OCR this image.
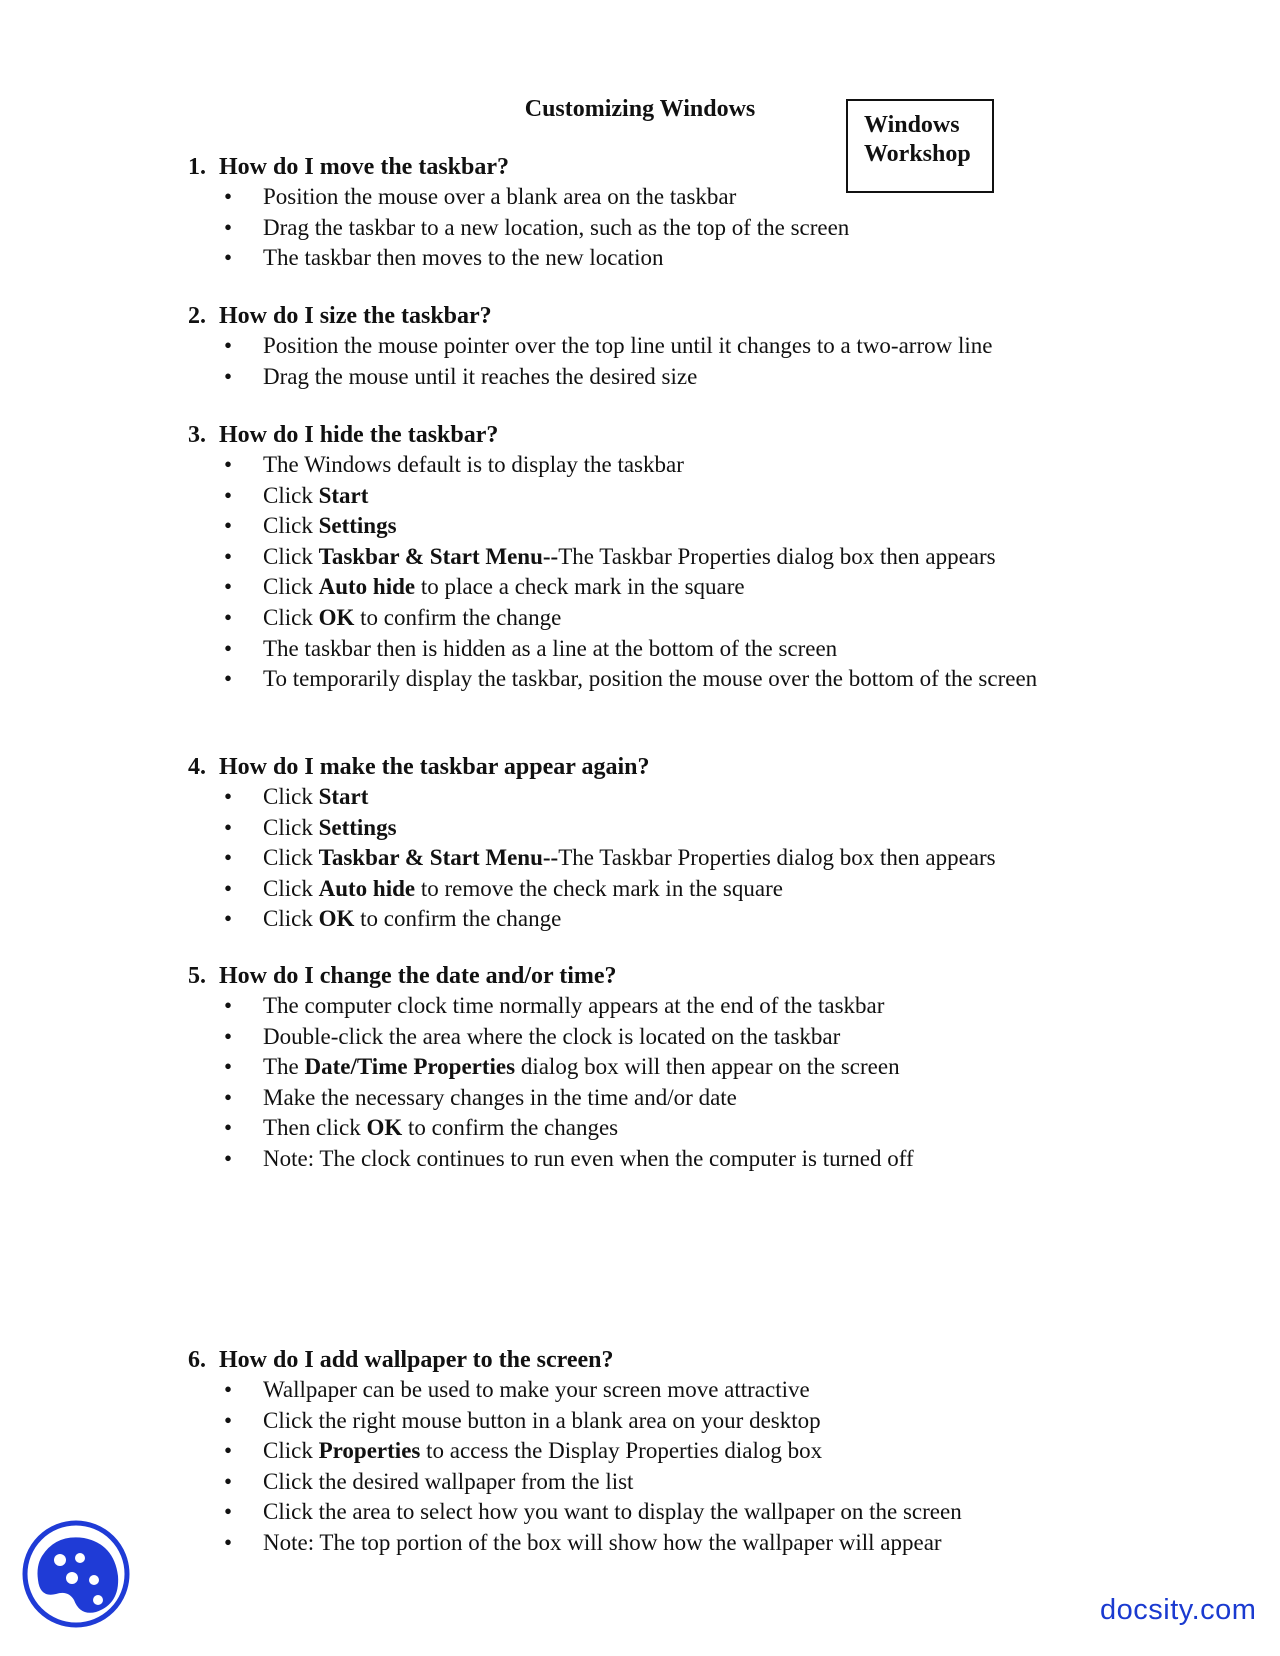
Customizing Windows
Windows
Workshop
1. How do I move the taskbar?
• Position the mouse over a blank area on the taskbar
• Drag the taskbar to a new location, such as the top of the screen
• The taskbar then moves to the new location
2. How do I size the taskbar?
• Position the mouse pointer over the top line until it changes to a two-arrow line
• Drag the mouse until it reaches the desired size
3. How do I hide the taskbar?
• The Windows default is to display the taskbar
• Click Start
• Click Settings
• Click Taskbar & Start Menu--The Taskbar Properties dialog box then appears
• Click Auto hide to place a check mark in the square
• Click OK to confirm the change
• The taskbar then is hidden as a line at the bottom of the screen
• To temporarily display the taskbar, position the mouse over the bottom of the screen
4. How do I make the taskbar appear again?
• Click Start
• Click Settings
• Click Taskbar & Start Menu--The Taskbar Properties dialog box then appears
• Click Auto hide to remove the check mark in the square
• Click OK to confirm the change
5. How do I change the date and/or time?
• The computer clock time normally appears at the end of the taskbar
• Double-click the area where the clock is located on the taskbar
• The Date/Time Properties dialog box will then appear on the screen
• Make the necessary changes in the time and/or date
• Then click OK to confirm the changes
• Note: The clock continues to run even when the computer is turned off
6. How do I add wallpaper to the screen?
• Wallpaper can be used to make your screen move attractive
• Click the right mouse button in a blank area on your desktop
• Click Properties to access the Display Properties dialog box
• Click the desired wallpaper from the list
• Click the area to select how you want to display the wallpaper on the screen
• Note: The top portion of the box will show how the wallpaper will appear
docsity.com
